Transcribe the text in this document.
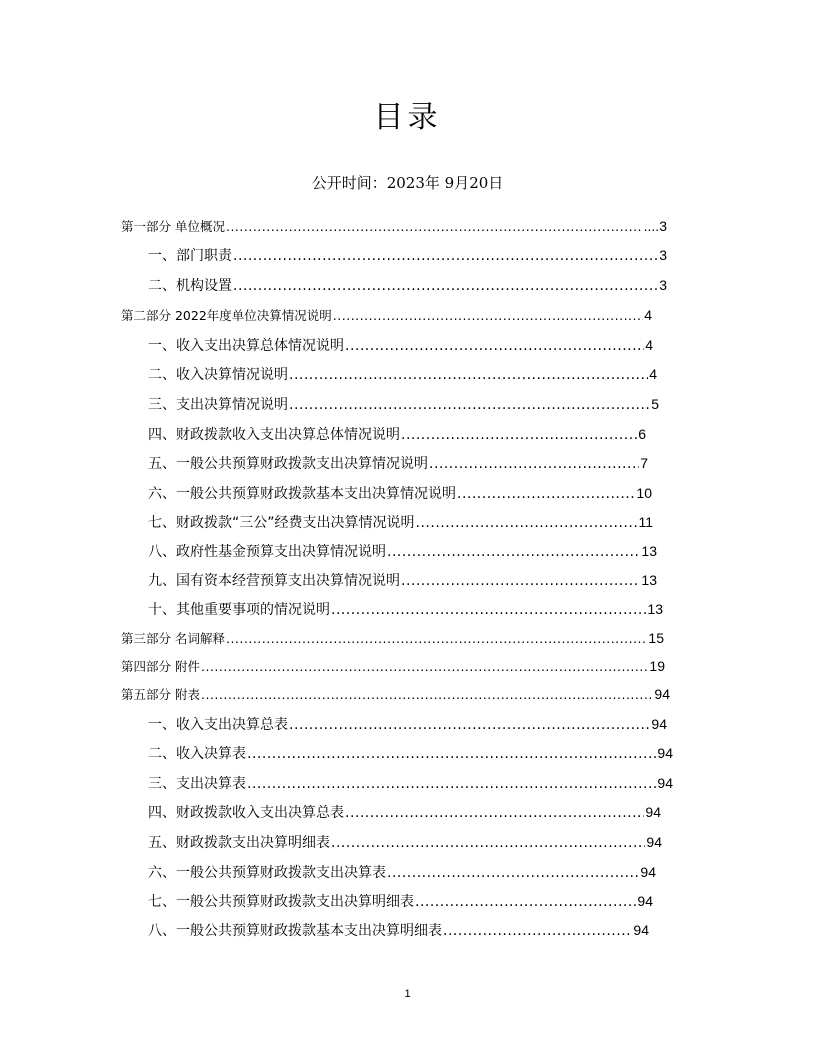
目录
公开时间：2023年 9月20日
第一部分 单位概况 .....	....3
一、部门职责 .....	3
二、机构设置 .....	3
第二部分 2022年度单位决算情况说明 .....	4
一、收入支出决算总体情况说明 .....	4
二、收入决算情况说明 .....	4
三、支出决算情况说明 .....	5
四、财政拨款收入支出决算总体情况说明 .....	6
五、一般公共预算财政拨款支出决算情况说明 .....	7
六、一般公共预算财政拨款基本支出决算情况说明 .....	10
七、财政拨款“三公”经费支出决算情况说明 .....	11
八、政府性基金预算支出决算情况说明 .....	13
九、国有资本经营预算支出决算情况说明 .....	13
十、其他重要事项的情况说明 .....	13
第三部分 名词解释 .....	15
第四部分 附件 .....	19
第五部分 附表 .....	94
一、收入支出决算总表 .....	94
二、收入决算表 .....	94
三、支出决算表 .....	94
四、财政拨款收入支出决算总表 .....	94
五、财政拨款支出决算明细表 .....	94
六、一般公共预算财政拨款支出决算表 .....	94
七、一般公共预算财政拨款支出决算明细表 .....	94
八、一般公共预算财政拨款基本支出决算明细表 .....	94
1
